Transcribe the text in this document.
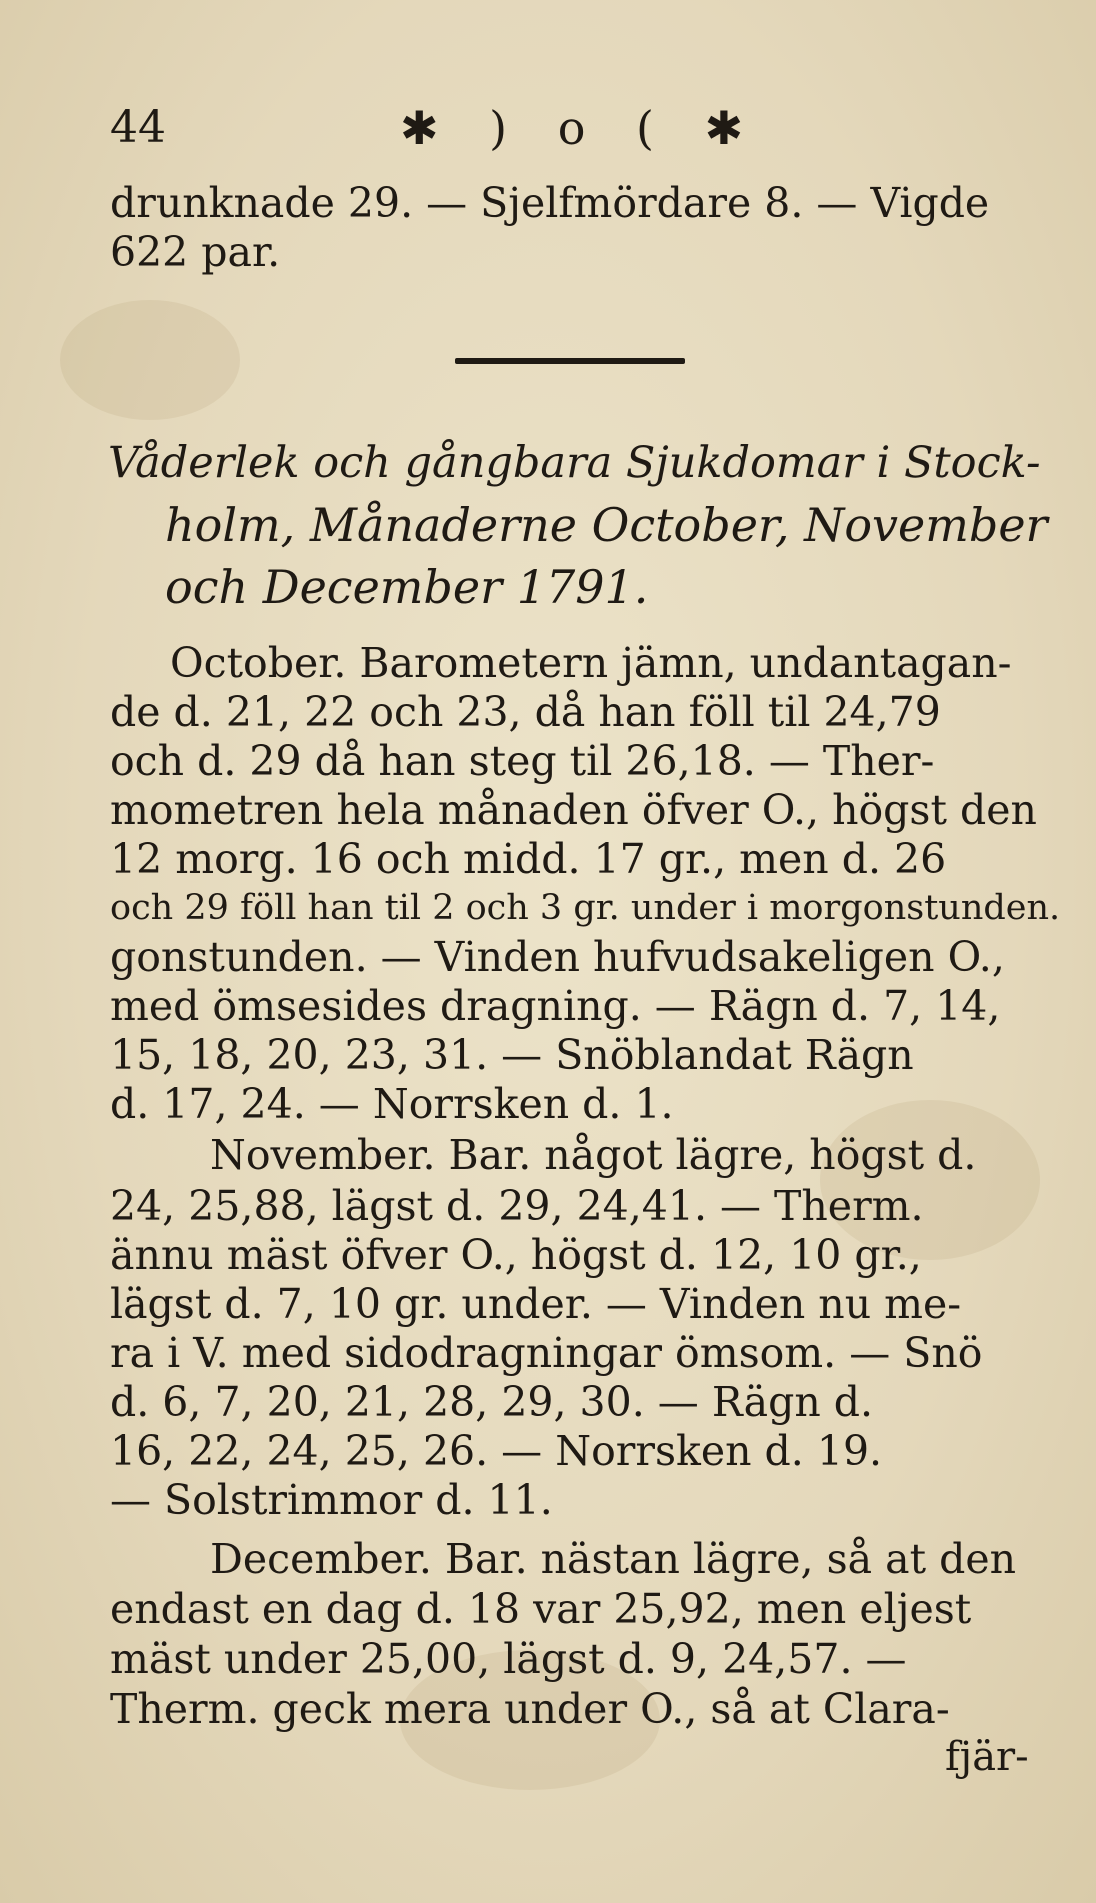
44	✱ ) o ( ✱
drunknade 29. — Sjelfmördare 8. — Vigde
622 par.
Våderlek och gångbara Sjukdomar i Stock-
holm, Månaderne October, November
och December 1791.
October. Barometern jämn, undantagan-
de d. 21, 22 och 23, då han föll til 24,79
och d. 29 då han steg til 26,18. — Ther-
mometren hela månaden öfver O., högst den
12 morg. 16 och midd. 17 gr., men d. 26
och 29 föll han til 2 och 3 gr. under i morgonstunden.
gonstunden. — Vinden hufvudsakeligen O.,
med ömsesides dragning. — Rägn d. 7, 14,
15, 18, 20, 23, 31. — Snöblandat Rägn
d. 17, 24. — Norrsken d. 1.
November. Bar. något lägre, högst d.
24, 25,88, lägst d. 29, 24,41. — Therm.
ännu mäst öfver O., högst d. 12, 10 gr.,
lägst d. 7, 10 gr. under. — Vinden nu me-
ra i V. med sidodragningar ömsom. — Snö
d. 6, 7, 20, 21, 28, 29, 30. — Rägn d.
16, 22, 24, 25, 26. — Norrsken d. 19.
— Solstrimmor d. 11.
December. Bar. nästan lägre, så at den
endast en dag d. 18 var 25,92, men eljest
mäst under 25,00, lägst d. 9, 24,57. —
Therm. geck mera under O., så at Clara-
fjär-
